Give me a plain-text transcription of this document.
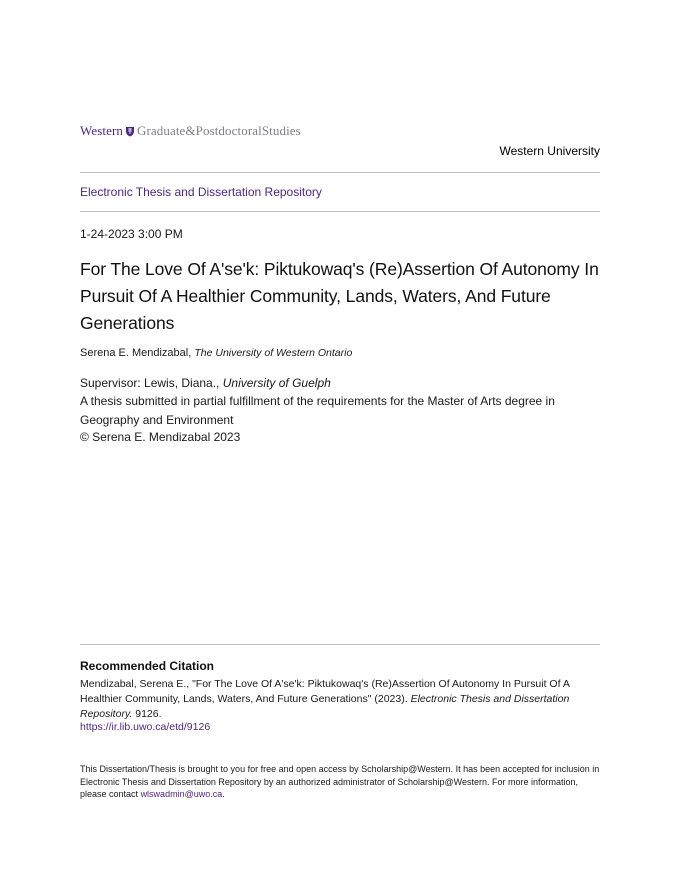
Western Graduate&PostdoctoralStudies
Western University
Electronic Thesis and Dissertation Repository
1-24-2023 3:00 PM
For The Love Of A'se'k: Piktukowaq's (Re)Assertion Of Autonomy In Pursuit Of A Healthier Community, Lands, Waters, And Future Generations
Serena E. Mendizabal, The University of Western Ontario
Supervisor: Lewis, Diana., University of Guelph
A thesis submitted in partial fulfillment of the requirements for the Master of Arts degree in Geography and Environment
© Serena E. Mendizabal 2023
Recommended Citation
Mendizabal, Serena E., "For The Love Of A'se'k: Piktukowaq's (Re)Assertion Of Autonomy In Pursuit Of A Healthier Community, Lands, Waters, And Future Generations" (2023). Electronic Thesis and Dissertation Repository. 9126.
https://ir.lib.uwo.ca/etd/9126
This Dissertation/Thesis is brought to you for free and open access by Scholarship@Western. It has been accepted for inclusion in Electronic Thesis and Dissertation Repository by an authorized administrator of Scholarship@Western. For more information, please contact wlswadmin@uwo.ca.
